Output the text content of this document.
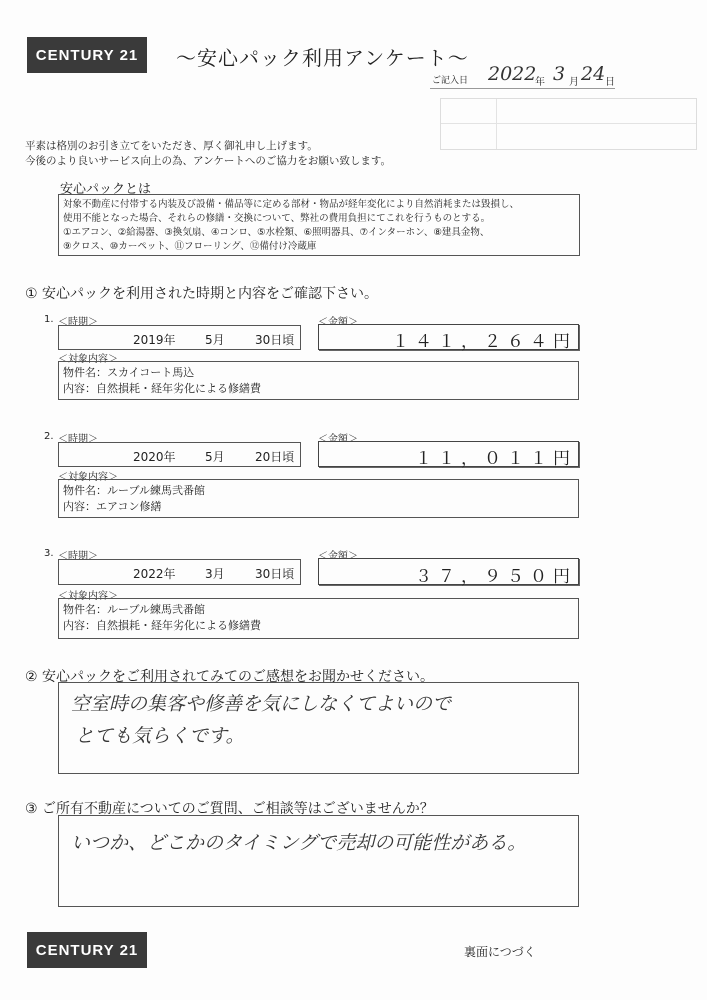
CENTURY 21	〜安心パック利用アンケート〜
ご記入日 2022
年 3 月 24 日
平素は格別のお引き立てをいただき、厚く御礼申し上げます。
今後のより良いサービス向上の為、アンケートへのご協力をお願い致します。
安心パックとは
対象不動産に付帯する内装及び設備・備品等に定める部材・物品が経年変化により自然消耗または毀損し、
使用不能となった場合、それらの修繕・交換について、弊社の費用負担にてこれを行うものとする。
①エアコン、②給湯器、③換気扇、④コンロ、⑤水栓類、⑥照明器具、⑦インターホン、⑧建具金物、
⑨クロス、⑩カーペット、⑪フローリング、⑫備付け冷蔵庫
① 安心パックを利用された時期と内容をご確認下さい。
1. ＜時期＞
2019年 5月	30日頃
＜金額＞
１４１，２６４円
＜対象内容＞
物件名：スカイコート馬込
内容：自然損耗・経年劣化による修繕費
2. ＜時期＞
2020年 5月	20日頃
＜金額＞
１１，０１１円
＜対象内容＞
物件名：ルーブル練馬弐番館
内容：エアコン修繕
3. ＜時期＞
2022年 3月	30日頃
＜金額＞
３７，９５０円
＜対象内容＞
物件名：ルーブル練馬弐番館
内容：自然損耗・経年劣化による修繕費
② 安心パックをご利用されてみてのご感想をお聞かせください。
空室時の集客や修善を気にしなくてよいので
とても気らくです。
③ ご所有不動産についてのご質問、ご相談等はございませんか？
いつか、どこかのタイミングで売却の可能性がある。
CENTURY 21	裏面につづく
